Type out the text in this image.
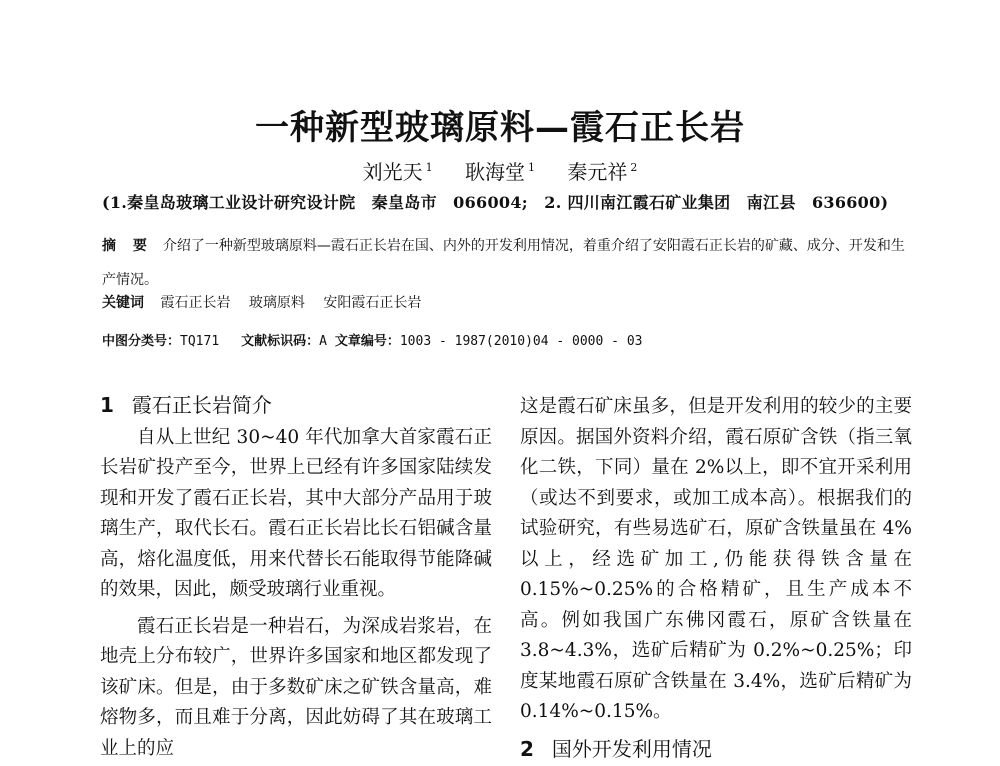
一种新型玻璃原料—霞石正长岩
刘光天 $^1$ 耿海堂 $^1$ 秦元祥 $^2$
(1.秦皇岛玻璃工业设计研究设计院　秦皇岛市　066004;　2. 四川南江霞石矿业集团　南江县　636600)
摘 要 介绍了一种新型玻璃原料—霞石正长岩在国、内外的开发利用情况，着重介绍了安阳霞石正长岩的矿藏、成分、开发和生产情况。
关键词 霞石正长岩 玻璃原料 安阳霞石正长岩
中图分类号：TQ171 文献标识码：A 文章编号：1003 - 1987(2010)04 - 0000 - 03
1 霞石正长岩简介

自从上世纪 30~40 年代加拿大首家霞石正长岩矿投产至今，世界上已经有许多国家陆续发现和开发了霞石正长岩，其中大部分产品用于玻璃生产，取代长石。霞石正长岩比长石铝碱含量高，熔化温度低，用来代替长石能取得节能降碱的效果，因此，颇受玻璃行业重视。

霞石正长岩是一种岩石，为深成岩浆岩，在地壳上分布较广，世界许多国家和地区都发现了该矿床。但是，由于多数矿床之矿铁含量高，难熔物多，而且难于分离，因此妨碍了其在玻璃工业上的应

这是霞石矿床虽多，但是开发利用的较少的主要原因。据国外资料介绍，霞石原矿含铁（指三氧化二铁，下同）量在 2%以上，即不宜开采利用（或达不到要求，或加工成本高）。根据我们的试验研究，有些易选矿石，原矿含铁量虽在 4%以上，经选矿加工,仍能获得铁含量在 0.15%~0.25%的合格精矿，且生产成本不高。例如我国广东佛冈霞石，原矿含铁量在 3.8~4.3%，选矿后精矿为 0.2%~0.25%；印度某地霞石原矿含铁量在 3.4%，选矿后精矿为 0.14%~0.15%。

2 国外开发利用情况
